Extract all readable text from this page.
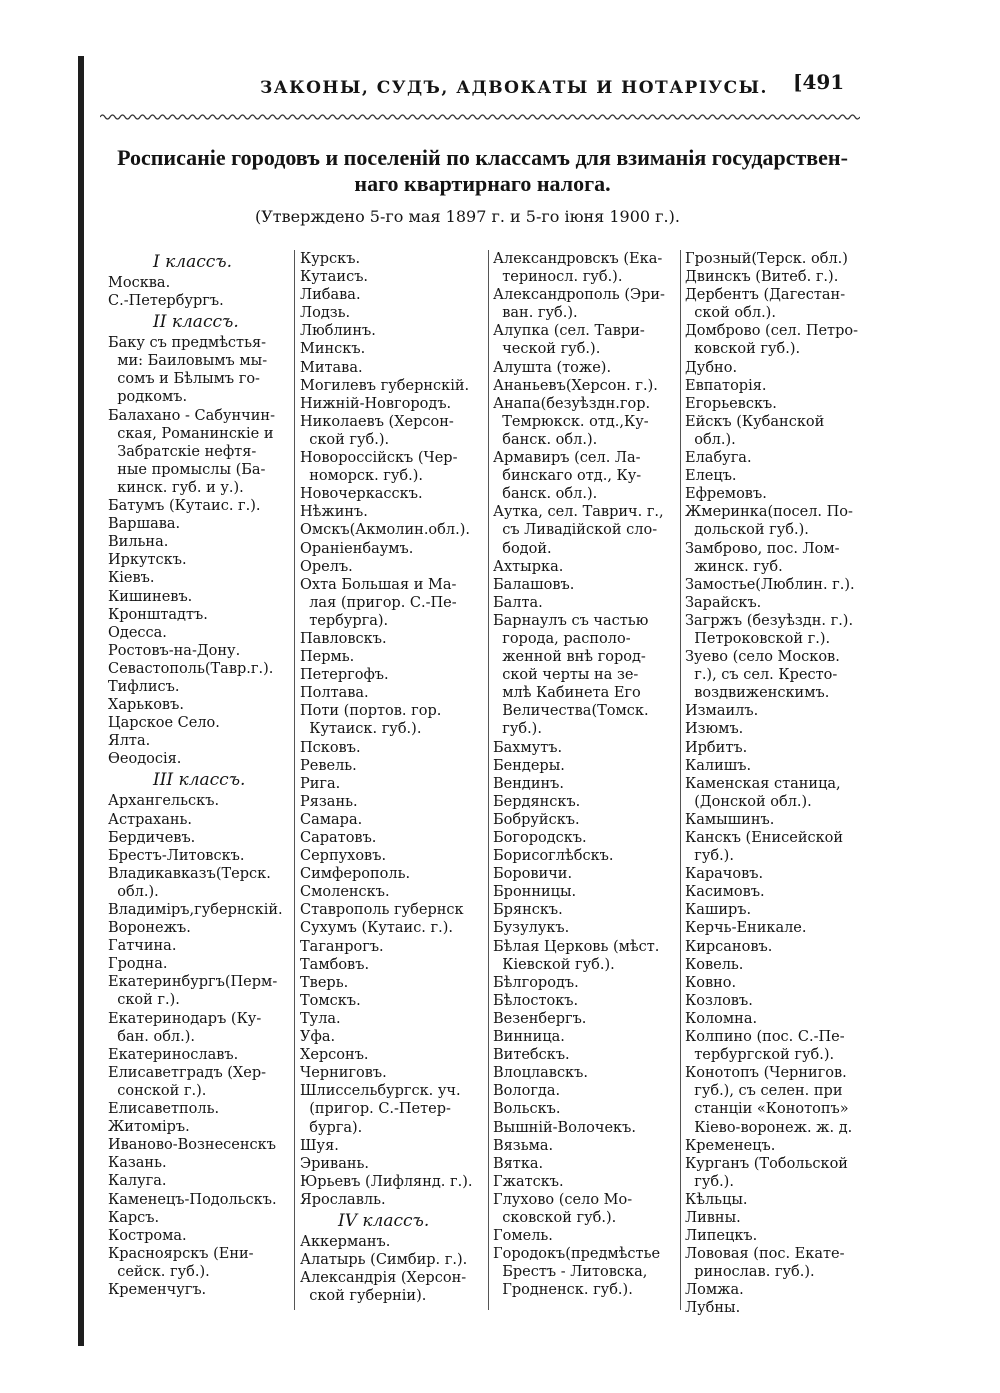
ЗАКОНЫ, СУДЪ, АДВОКАТЫ И НОТАРІУСЫ. [491
Росписаніе городовъ и поселеній по классамъ для взиманія государствен-
наго квартирнаго налога.
(Утверждено 5-го мая 1897 г. и 5-го іюня 1900 г.).
I классъ.
Москва.
С.-Петербургъ.
II классъ.
Баку съ предмѣстья-
ми: Баиловымъ мы-
сомъ и Бѣлымъ го-
родкомъ.
Балахано - Сабунчин-
ская, Романинскіе и
Забратскіе нефтя-
ные промыслы (Ба-
кинск. губ. и у.).
Батумъ (Кутаис. г.).
Варшава.
Вильна.
Иркутскъ.
Кіевъ.
Кишиневъ.
Кронштадтъ.
Одесса.
Ростовъ-на-Дону.
Севастополь(Тавр.г.).
Тифлисъ.
Харьковъ.
Царское Село.
Ялта.
Ѳеодосія.
III классъ.
Архангельскъ.
Астрахань.
Бердичевъ.
Брестъ-Литовскъ.
Владикавказъ(Терск.
обл.).
Владиміръ,губернскій.
Воронежъ.
Гатчина.
Гродна.
Екатеринбургъ(Перм-
ской г.).
Екатеринодаръ (Ку-
бан. обл.).
Екатеринославъ.
Елисаветградъ (Хер-
сонской г.).
Елисаветполь.
Житоміръ.
Иваново-Вознесенскъ
Казань.
Калуга.
Каменецъ-Подольскъ.
Карсъ.
Кострома.
Красноярскъ (Ени-
сейск. губ.).
Кременчугъ.
Курскъ.
Кутаисъ.
Либава.
Лодзь.
Люблинъ.
Минскъ.
Митава.
Могилевъ губернскій.
Нижній-Новгородъ.
Николаевъ (Херсон-
ской губ.).
Новороссійскъ (Чер-
номорск. губ.).
Новочеркасскъ.
Нѣжинъ.
Омскъ(Акмолин.обл.).
Ораніенбаумъ.
Орелъ.
Охта Большая и Ма-
лая (пригор. С.-Пе-
тербурга).
Павловскъ.
Пермь.
Петергофъ.
Полтава.
Поти (портов. гор.
Кутаиск. губ.).
Псковъ.
Ревель.
Рига.
Рязань.
Самара.
Саратовъ.
Серпуховъ.
Симферополь.
Смоленскъ.
Ставрополь губернск
Сухумъ (Кутаис. г.).
Таганрогъ.
Тамбовъ.
Тверь.
Томскъ.
Тула.
Уфа.
Херсонъ.
Черниговъ.
Шлиссельбургск. уч.
(пригор. С.-Петер-
бурга).
Шуя.
Эривань.
Юрьевъ (Лифлянд. г.).
Ярославль.
IV классъ.
Аккерманъ.
Алатырь (Симбир. г.).
Александрія (Херсон-
ской губерніи).
Александровскъ (Ека-
териносл. губ.).
Александрополь (Эри-
ван. губ.).
Алупка (сел. Таври-
ческой губ.).
Алушта (тоже).
Ананьевъ(Херсон. г.).
Анапа(безуѣздн.гор.
Темрюкск. отд.,Ку-
банск. обл.).
Армавиръ (сел. Ла-
бинскаго отд., Ку-
банск. обл.).
Аутка, сел. Таврич. г.,
съ Ливадійской сло-
бодой.
Ахтырка.
Балашовъ.
Балта.
Барнаулъ съ частью
города, располо-
женной внѣ город-
ской черты на зе-
млѣ Кабинета Его
Величества(Томск.
губ.).
Бахмутъ.
Бендеры.
Вендинъ.
Бердянскъ.
Бобруйскъ.
Богородскъ.
Борисоглѣбскъ.
Боровичи.
Бронницы.
Брянскъ.
Бузулукъ.
Бѣлая Церковь (мѣст.
Кіевской губ.).
Бѣлгородъ.
Бѣлостокъ.
Везенбергъ.
Винница.
Витебскъ.
Влоцлавскъ.
Вологда.
Вольскъ.
Вышній-Волочекъ.
Вязьма.
Вятка.
Гжатскъ.
Глухово (село Мо-
сковской губ.).
Гомель.
Городокъ(предмѣстье
Брестъ - Литовска,
Гродненск. губ.).
Грозный(Терск. обл.)
Двинскъ (Витеб. г.).
Дербентъ (Дагестан-
ской обл.).
Домброво (сел. Петро-
ковской губ.).
Дубно.
Евпаторія.
Егорьевскъ.
Ейскъ (Кубанской
обл.).
Елабуга.
Елецъ.
Ефремовъ.
Жмеринка(посел. По-
дольской губ.).
Замброво, пос. Лом-
жинск. губ.
Замостье(Люблин. г.).
Зарайскъ.
Загржъ (безуѣздн. г.).
Петроковской г.).
Зуево (село Москов.
г.), съ сел. Кресто-
воздвиженскимъ.
Измаилъ.
Изюмъ.
Ирбитъ.
Калишъ.
Каменская станица,
(Донской обл.).
Камышинъ.
Канскъ (Енисейской
губ.).
Карачовъ.
Касимовъ.
Каширъ.
Керчь-Еникале.
Кирсановъ.
Ковель.
Ковно.
Козловъ.
Коломна.
Колпино (пос. С.-Пе-
тербургской губ.).
Конотопъ (Чернигов.
губ.), съ селен. при
станціи «Конотопъ»
Кіево-воронеж. ж. д.
Кременецъ.
Курганъ (Тобольской
губ.).
Кѣльцы.
Ливны.
Липецкъ.
Лововая (пос. Екате-
ринослав. губ.).
Ломжа.
Лубны.
